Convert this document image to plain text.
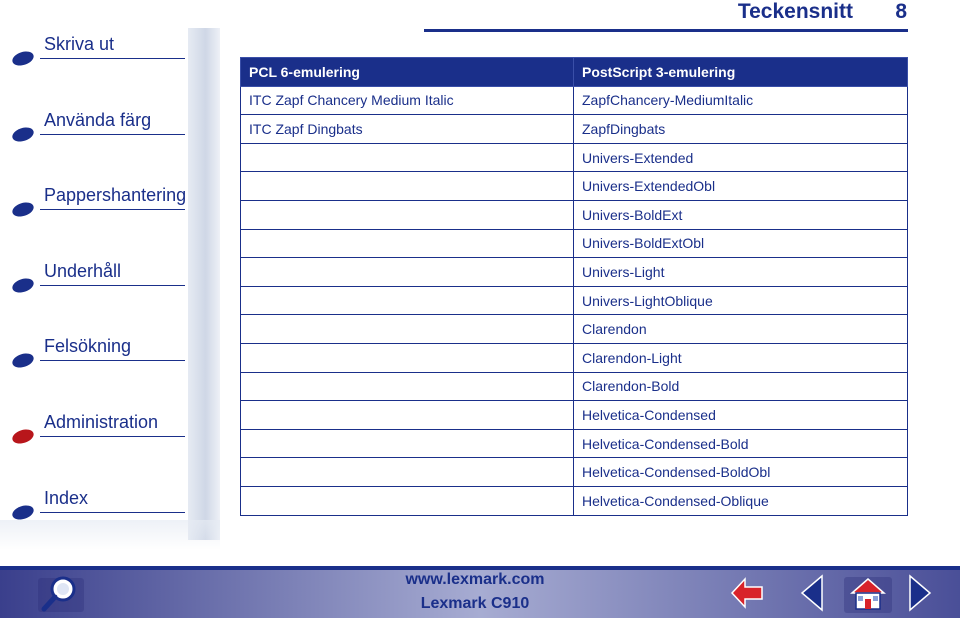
Skriva ut
Använda färg
Pappershantering
Underhåll
Felsökning
Administration
Index
Teckensnitt 8
PCL 6-emulering	PostScript 3-emulering
ITC Zapf Chancery Medium Italic	ZapfChancery-MediumItalic
ITC Zapf Dingbats	ZapfDingbats
	Univers-Extended
	Univers-ExtendedObl
	Univers-BoldExt
	Univers-BoldExtObl
	Univers-Light
	Univers-LightOblique
	Clarendon
	Clarendon-Light
	Clarendon-Bold
	Helvetica-Condensed
	Helvetica-Condensed-Bold
	Helvetica-Condensed-BoldObl
	Helvetica-Condensed-Oblique
www.lexmark.com
Lexmark C910
